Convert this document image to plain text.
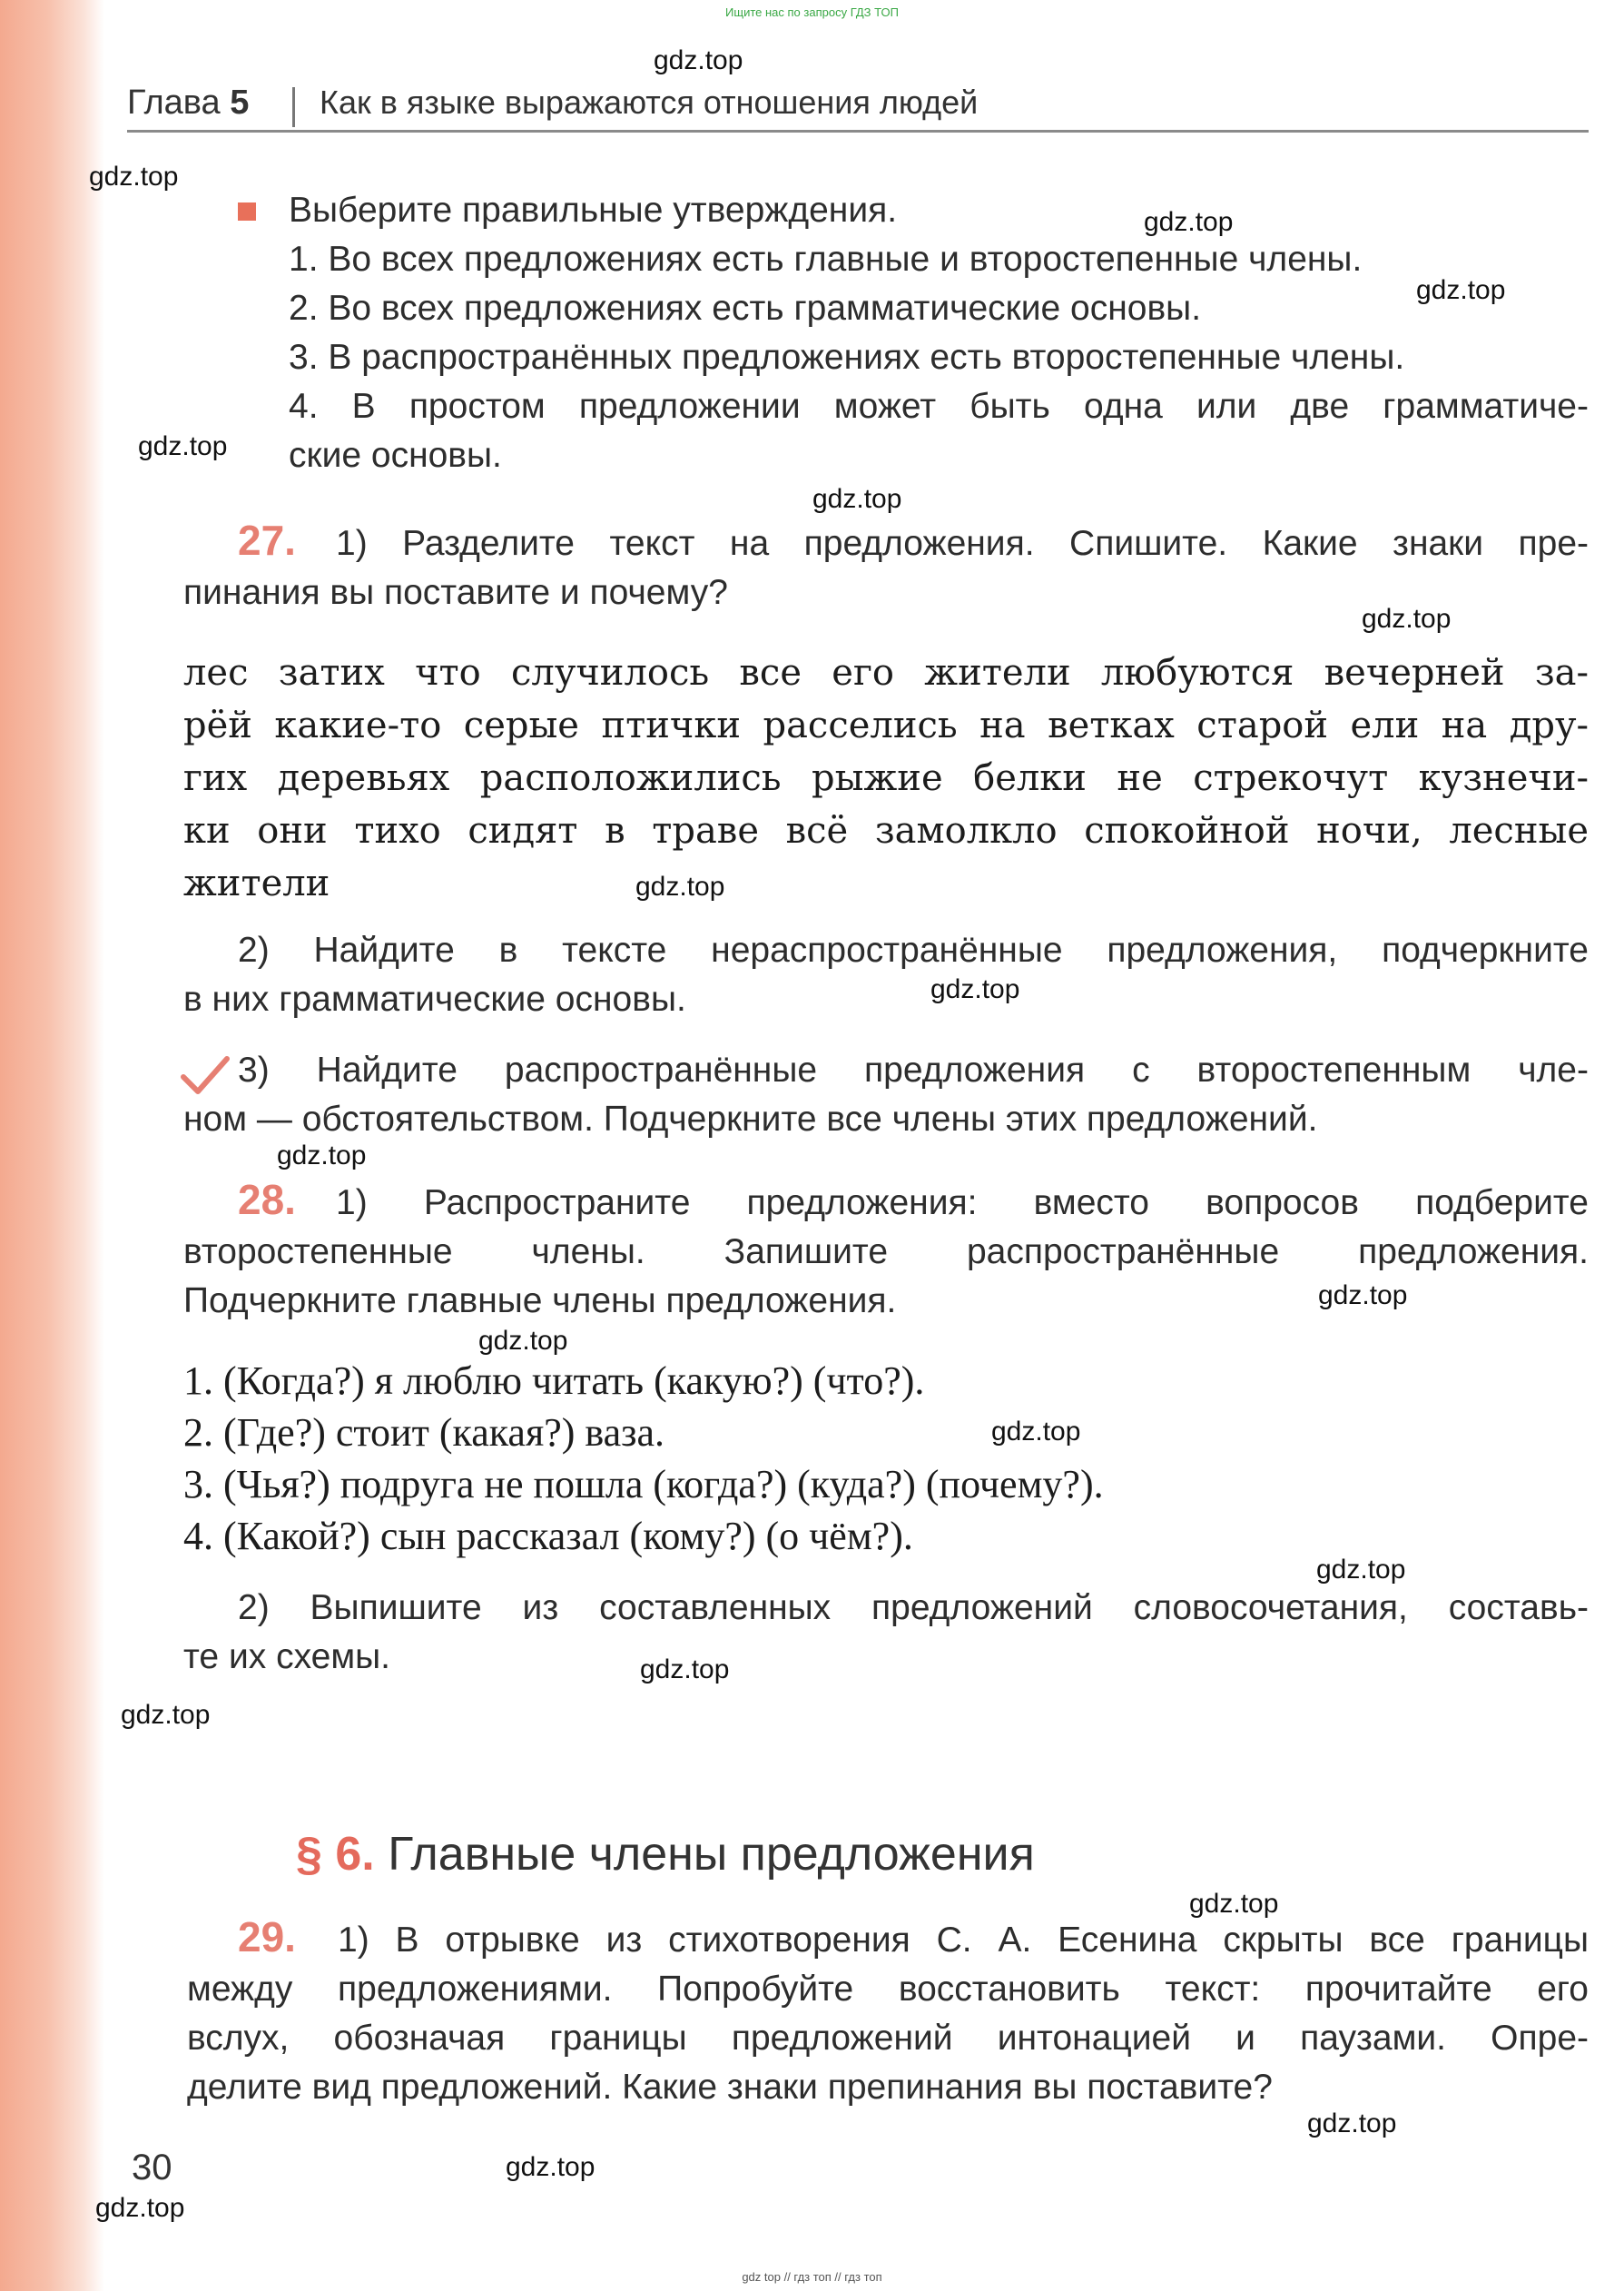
Ищите нас по запросу ГДЗ ТОП
Глава 5 Как в языке выражаются отношения людей
Выберите правильные утверждения.
1. Во всех предложениях есть главные и второстепенные члены.
2. Во всех предложениях есть грамматические основы.
3. В распространённых предложениях есть второстепенные члены.
4. В простом предложении может быть одна или две грамматиче-
ские основы.
27. 1) Разделите текст на предложения. Спишите. Какие знаки пре-
пинания вы поставите и почему?
лес затих что случилось все его жители любуются вечерней за-
рёй какие-то серые птички расселись на ветках старой ели на дру-
гих деревьях расположились рыжие белки не стрекочут кузнечи-
ки они тихо сидят в траве всё замолкло спокойной ночи, лесные
жители
2) Найдите в тексте нераспространённые предложения, подчеркните
в них грамматические основы.
3) Найдите распространённые предложения с второстепенным чле-
ном — обстоятельством. Подчеркните все члены этих предложений.
28. 1) Распространите предложения: вместо вопросов подберите
второстепенные члены. Запишите распространённые предложения.
Подчеркните главные члены предложения.
1. (Когда?) я люблю читать (какую?) (что?).
2. (Где?) стоит (какая?) ваза.
3. (Чья?) подруга не пошла (когда?) (куда?) (почему?).
4. (Какой?) сын рассказал (кому?) (о чём?).
2) Выпишите из составленных предложений словосочетания, составь-
те их схемы.
§ 6. Главные члены предложения
29. 1) В отрывке из стихотворения С. А. Есенина скрыты все границы
между предложениями. Попробуйте восстановить текст: прочитайте его
вслух, обозначая границы предложений интонацией и паузами. Опре-
делите вид предложений. Какие знаки препинания вы поставите?
30
gdz.top
gdz.top
gdz.top
gdz.top
gdz.top
gdz.top
gdz.top
gdz.top
gdz.top
gdz.top
gdz.top
gdz.top
gdz.top
gdz.top
gdz.top
gdz.top
gdz.top
gdz.top
gdz.top
gdz.top
gdz top // гдз топ // гдз топ
